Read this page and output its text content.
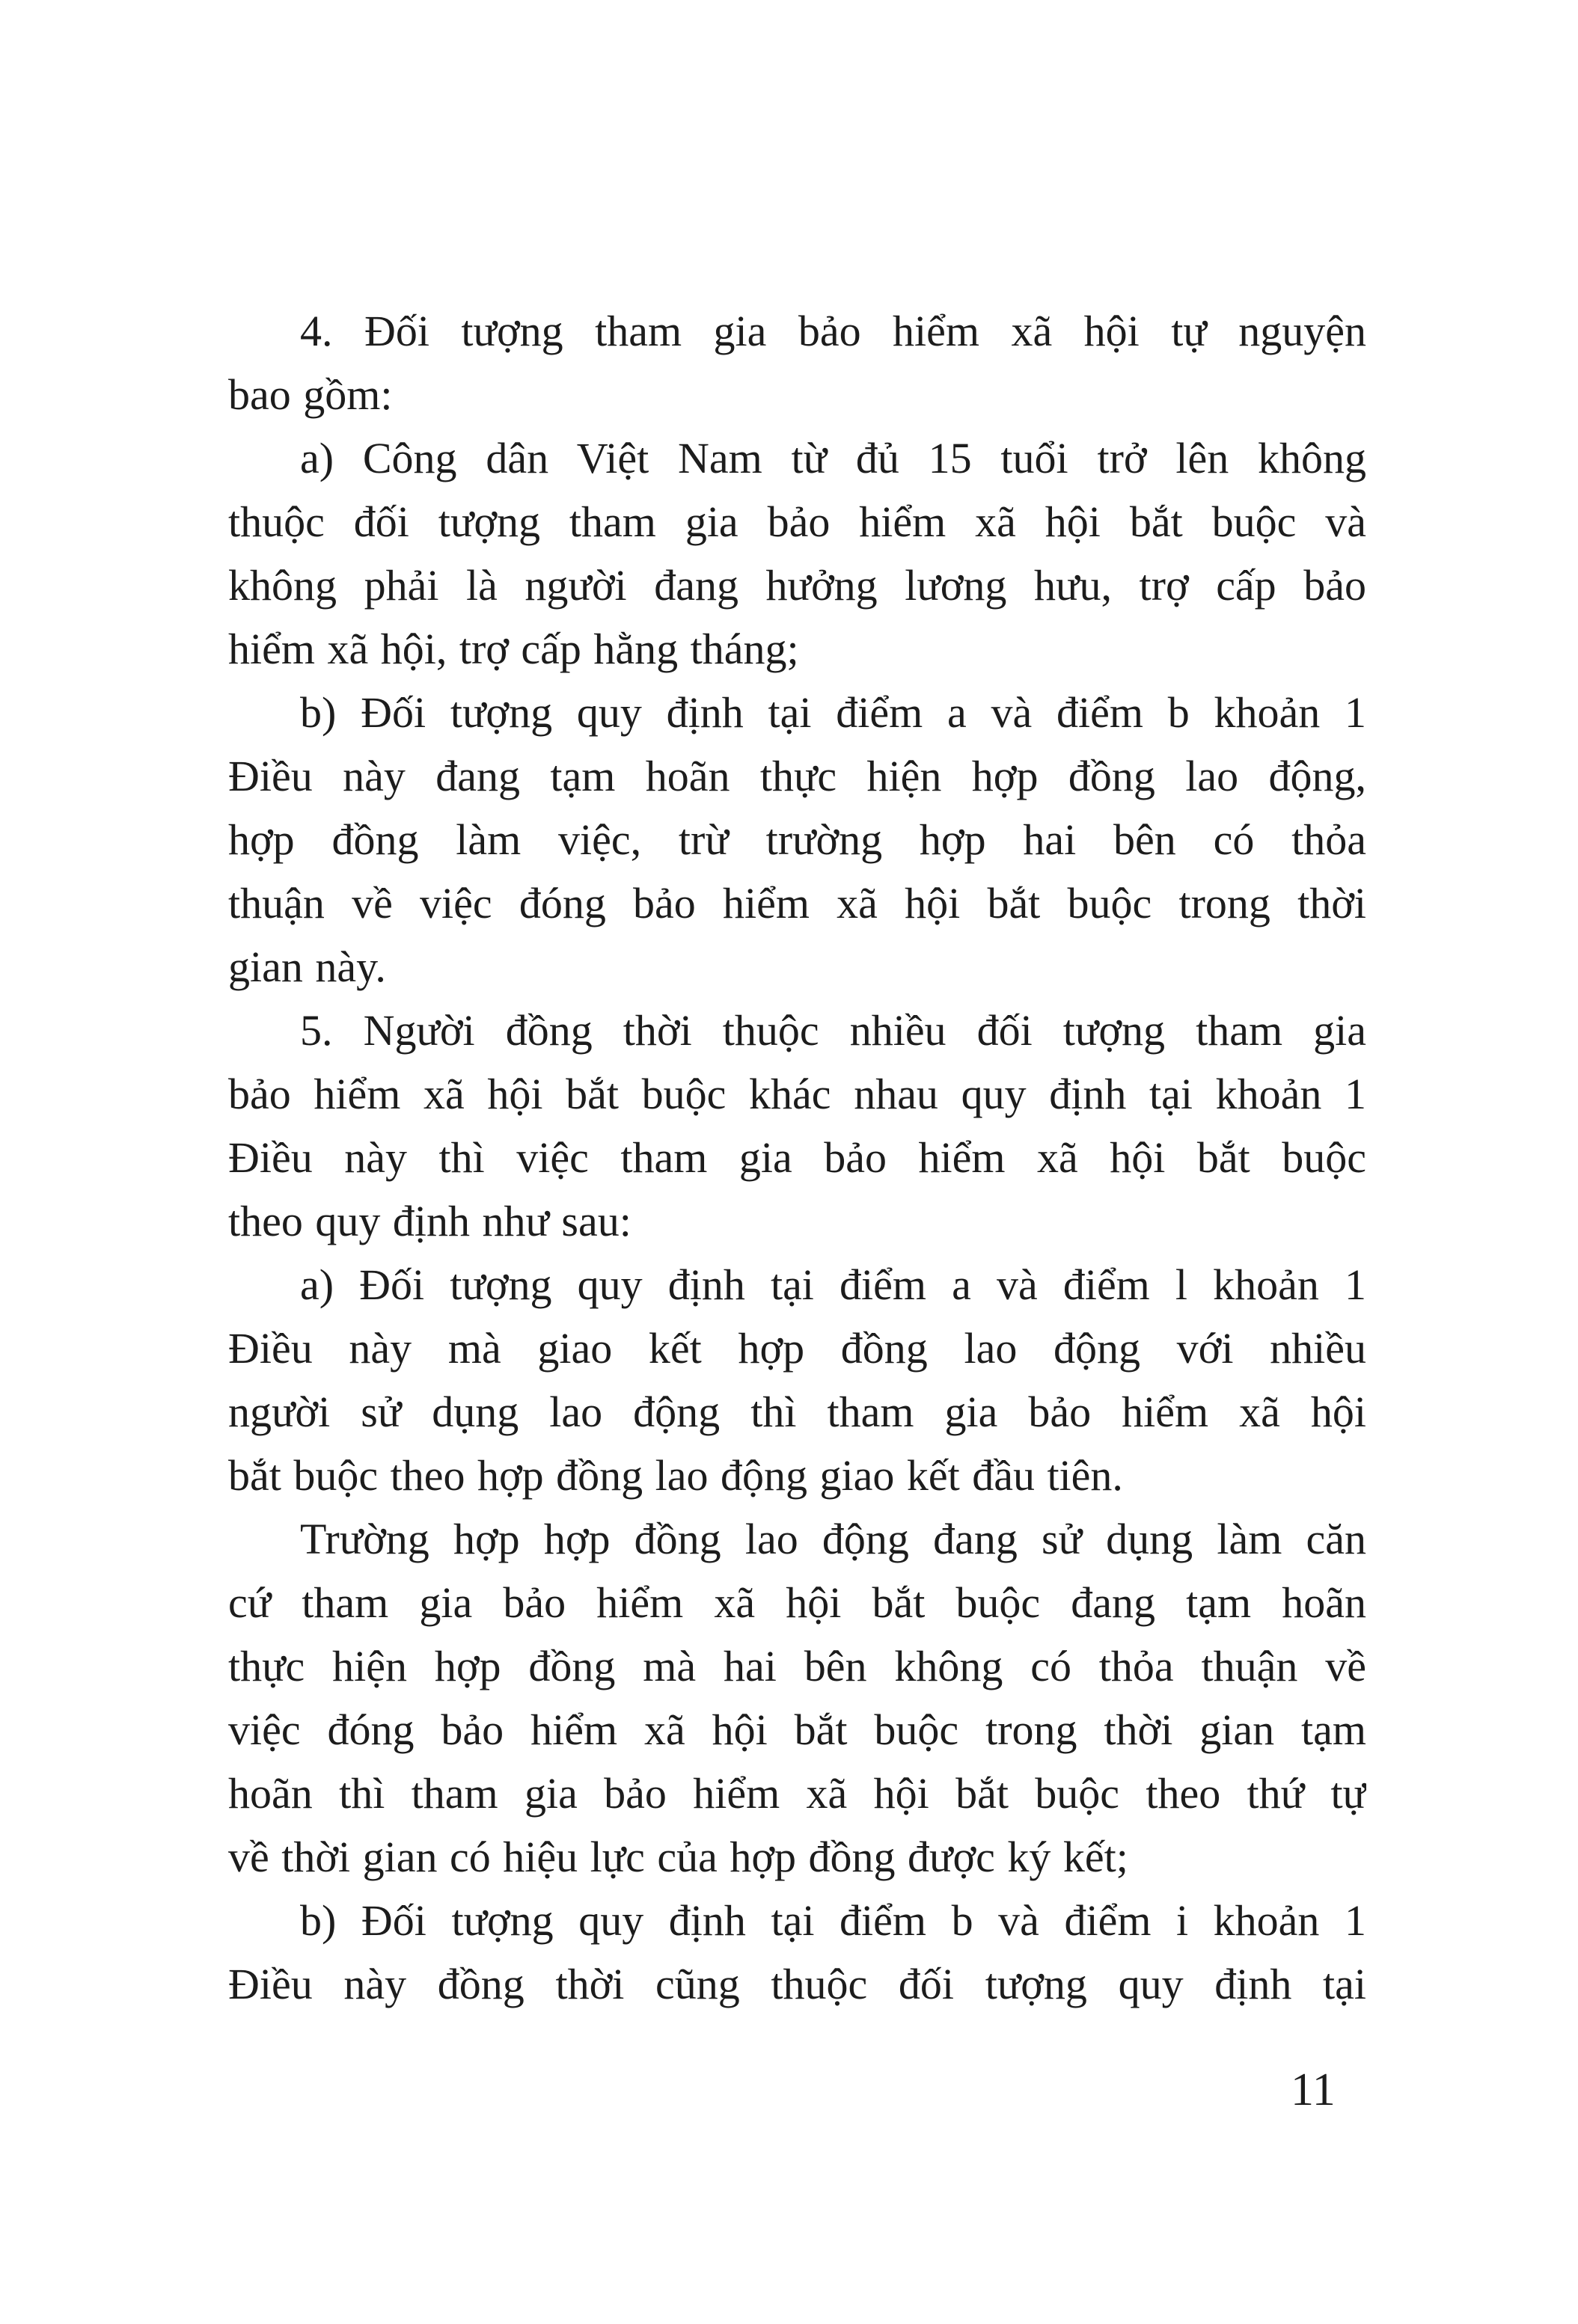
4. Đối tượng tham gia bảo hiểm xã hội tự nguyện
bao gồm:
a) Công dân Việt Nam từ đủ 15 tuổi trở lên không
thuộc đối tượng tham gia bảo hiểm xã hội bắt buộc và
không phải là người đang hưởng lương hưu, trợ cấp bảo
hiểm xã hội, trợ cấp hằng tháng;
b) Đối tượng quy định tại điểm a và điểm b khoản 1
Điều này đang tạm hoãn thực hiện hợp đồng lao động,
hợp đồng làm việc, trừ trường hợp hai bên có thỏa
thuận về việc đóng bảo hiểm xã hội bắt buộc trong thời
gian này.
5. Người đồng thời thuộc nhiều đối tượng tham gia
bảo hiểm xã hội bắt buộc khác nhau quy định tại khoản 1
Điều này thì việc tham gia bảo hiểm xã hội bắt buộc
theo quy định như sau:
a) Đối tượng quy định tại điểm a và điểm l khoản 1
Điều này mà giao kết hợp đồng lao động với nhiều
người sử dụng lao động thì tham gia bảo hiểm xã hội
bắt buộc theo hợp đồng lao động giao kết đầu tiên.
Trường hợp hợp đồng lao động đang sử dụng làm căn
cứ tham gia bảo hiểm xã hội bắt buộc đang tạm hoãn
thực hiện hợp đồng mà hai bên không có thỏa thuận về
việc đóng bảo hiểm xã hội bắt buộc trong thời gian tạm
hoãn thì tham gia bảo hiểm xã hội bắt buộc theo thứ tự
về thời gian có hiệu lực của hợp đồng được ký kết;
b) Đối tượng quy định tại điểm b và điểm i khoản 1
Điều này đồng thời cũng thuộc đối tượng quy định tại
11
